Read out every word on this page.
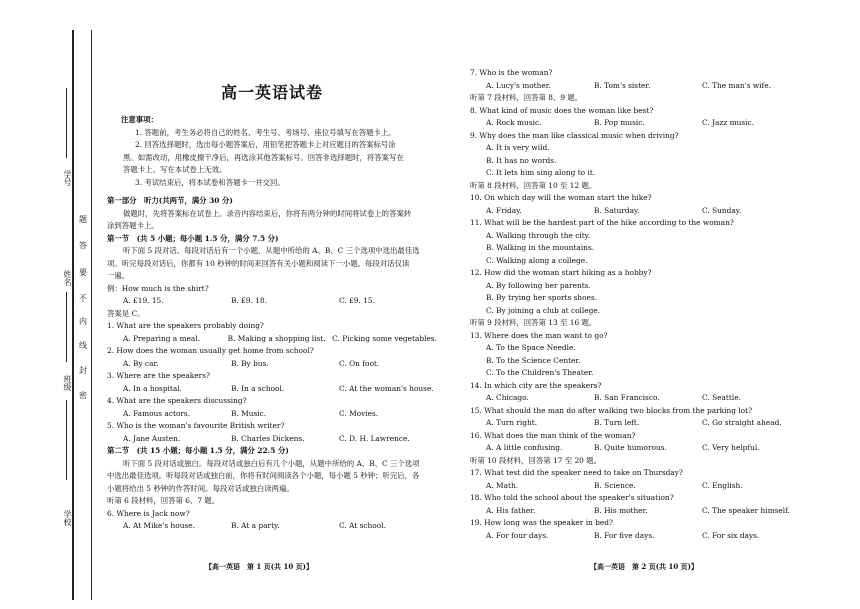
学号
姓名
班级
学校
题
答
要
不
内
线
封
密
高一英语试卷
注意事项：
1. 答题前，考生务必将自己的姓名、考生号、考场号、座位号填写在答题卡上。
2. 回答选择题时，选出每小题答案后，用铅笔把答题卡上对应题目的答案标号涂
黑。如需改动，用橡皮擦干净后，再选涂其他答案标号。回答非选择题时，将答案写在
答题卡上。写在本试卷上无效。
3. 考试结束后，将本试卷和答题卡一并交回。
第一部分　听力(共两节，满分 30 分)
做题时，先将答案标在试卷上。录音内容结束后，你将有两分钟的时间将试卷上的答案转
涂到答题卡上。
第一节　(共 5 小题；每小题 1.5 分，满分 7.5 分)
听下面 5 段对话。每段对话后有一个小题，从题中所给的 A、B、C 三个选项中选出最佳选
项。听完每段对话后，你都有 10 秒钟的时间来回答有关小题和阅读下一小题。每段对话仅读
一遍。
例：How much is the shirt?
A. £19. 15.	B. £9. 18.	C. £9. 15.
答案是 C。
1. What are the speakers probably doing?
A. Preparing a meal.	B. Making a shopping list. C. Picking some vegetables.
2. How does the woman usually get home from school?
A. By car.	B. By bus.	C. On foot.
3. Where are the speakers?
A. In a hospital.	B. In a school.	C. At the woman's house.
4. What are the speakers discussing?
A. Famous actors.	B. Music.	C. Movies.
5. Who is the woman's favourite British writer?
A. Jane Austen.	B. Charles Dickens.	C. D. H. Lawrence.
第二节　(共 15 小题；每小题 1.5 分，满分 22.5 分)
听下面 5 段对话或独白。每段对话或独白后有几个小题，从题中所给的 A、B、C 三个选项
中选出最佳选项。听每段对话或独白前，你将有时间阅读各个小题，每小题 5 秒钟；听完后，各
小题将给出 5 秒钟的作答时间。每段对话或独白读两遍。
听第 6 段材料，回答第 6、7 题。
6. Where is Jack now?
A. At Mike's house.	B. At a party.	C. At school.
【高一英语　第 1 页(共 10 页)】
7. Who is the woman?
A. Lucy's mother.	B. Tom's sister.	C. The man's wife.
听第 7 段材料，回答第 8、9 题。
8. What kind of music does the woman like best?
A. Rock music.	B. Pop music.	C. Jazz music.
9. Why does the man like classical music when driving?
A. It is very wild.
B. It has no words.
C. It lets him sing along to it.
听第 8 段材料，回答第 10 至 12 题。
10. On which day will the woman start the hike?
A. Friday.	B. Saturday.	C. Sunday.
11. What will be the hardest part of the hike according to the woman?
A. Walking through the city.
B. Walking in the mountains.
C. Walking along a college.
12. How did the woman start hiking as a hobby?
A. By following her parents.
B. By trying her sports shoes.
C. By joining a club at college.
听第 9 段材料，回答第 13 至 16 题。
13. Where does the man want to go?
A. To the Space Needle.
B. To the Science Center.
C. To the Children's Theater.
14. In which city are the speakers?
A. Chicago.	B. San Francisco.	C. Seattle.
15. What should the man do after walking two blocks from the parking lot?
A. Turn right.	B. Turn left.	C. Go straight ahead.
16. What does the man think of the woman?
A. A little confusing.	B. Quite humorous.	C. Very helpful.
听第 10 段材料，回答第 17 至 20 题。
17. What test did the speaker need to take on Thursday?
A. Math.	B. Science.	C. English.
18. Who told the school about the speaker's situation?
A. His father.	B. His mother.	C. The speaker himself.
19. How long was the speaker in bed?
A. For four days.	B. For five days.	C. For six days.
【高一英语　第 2 页(共 10 页)】
